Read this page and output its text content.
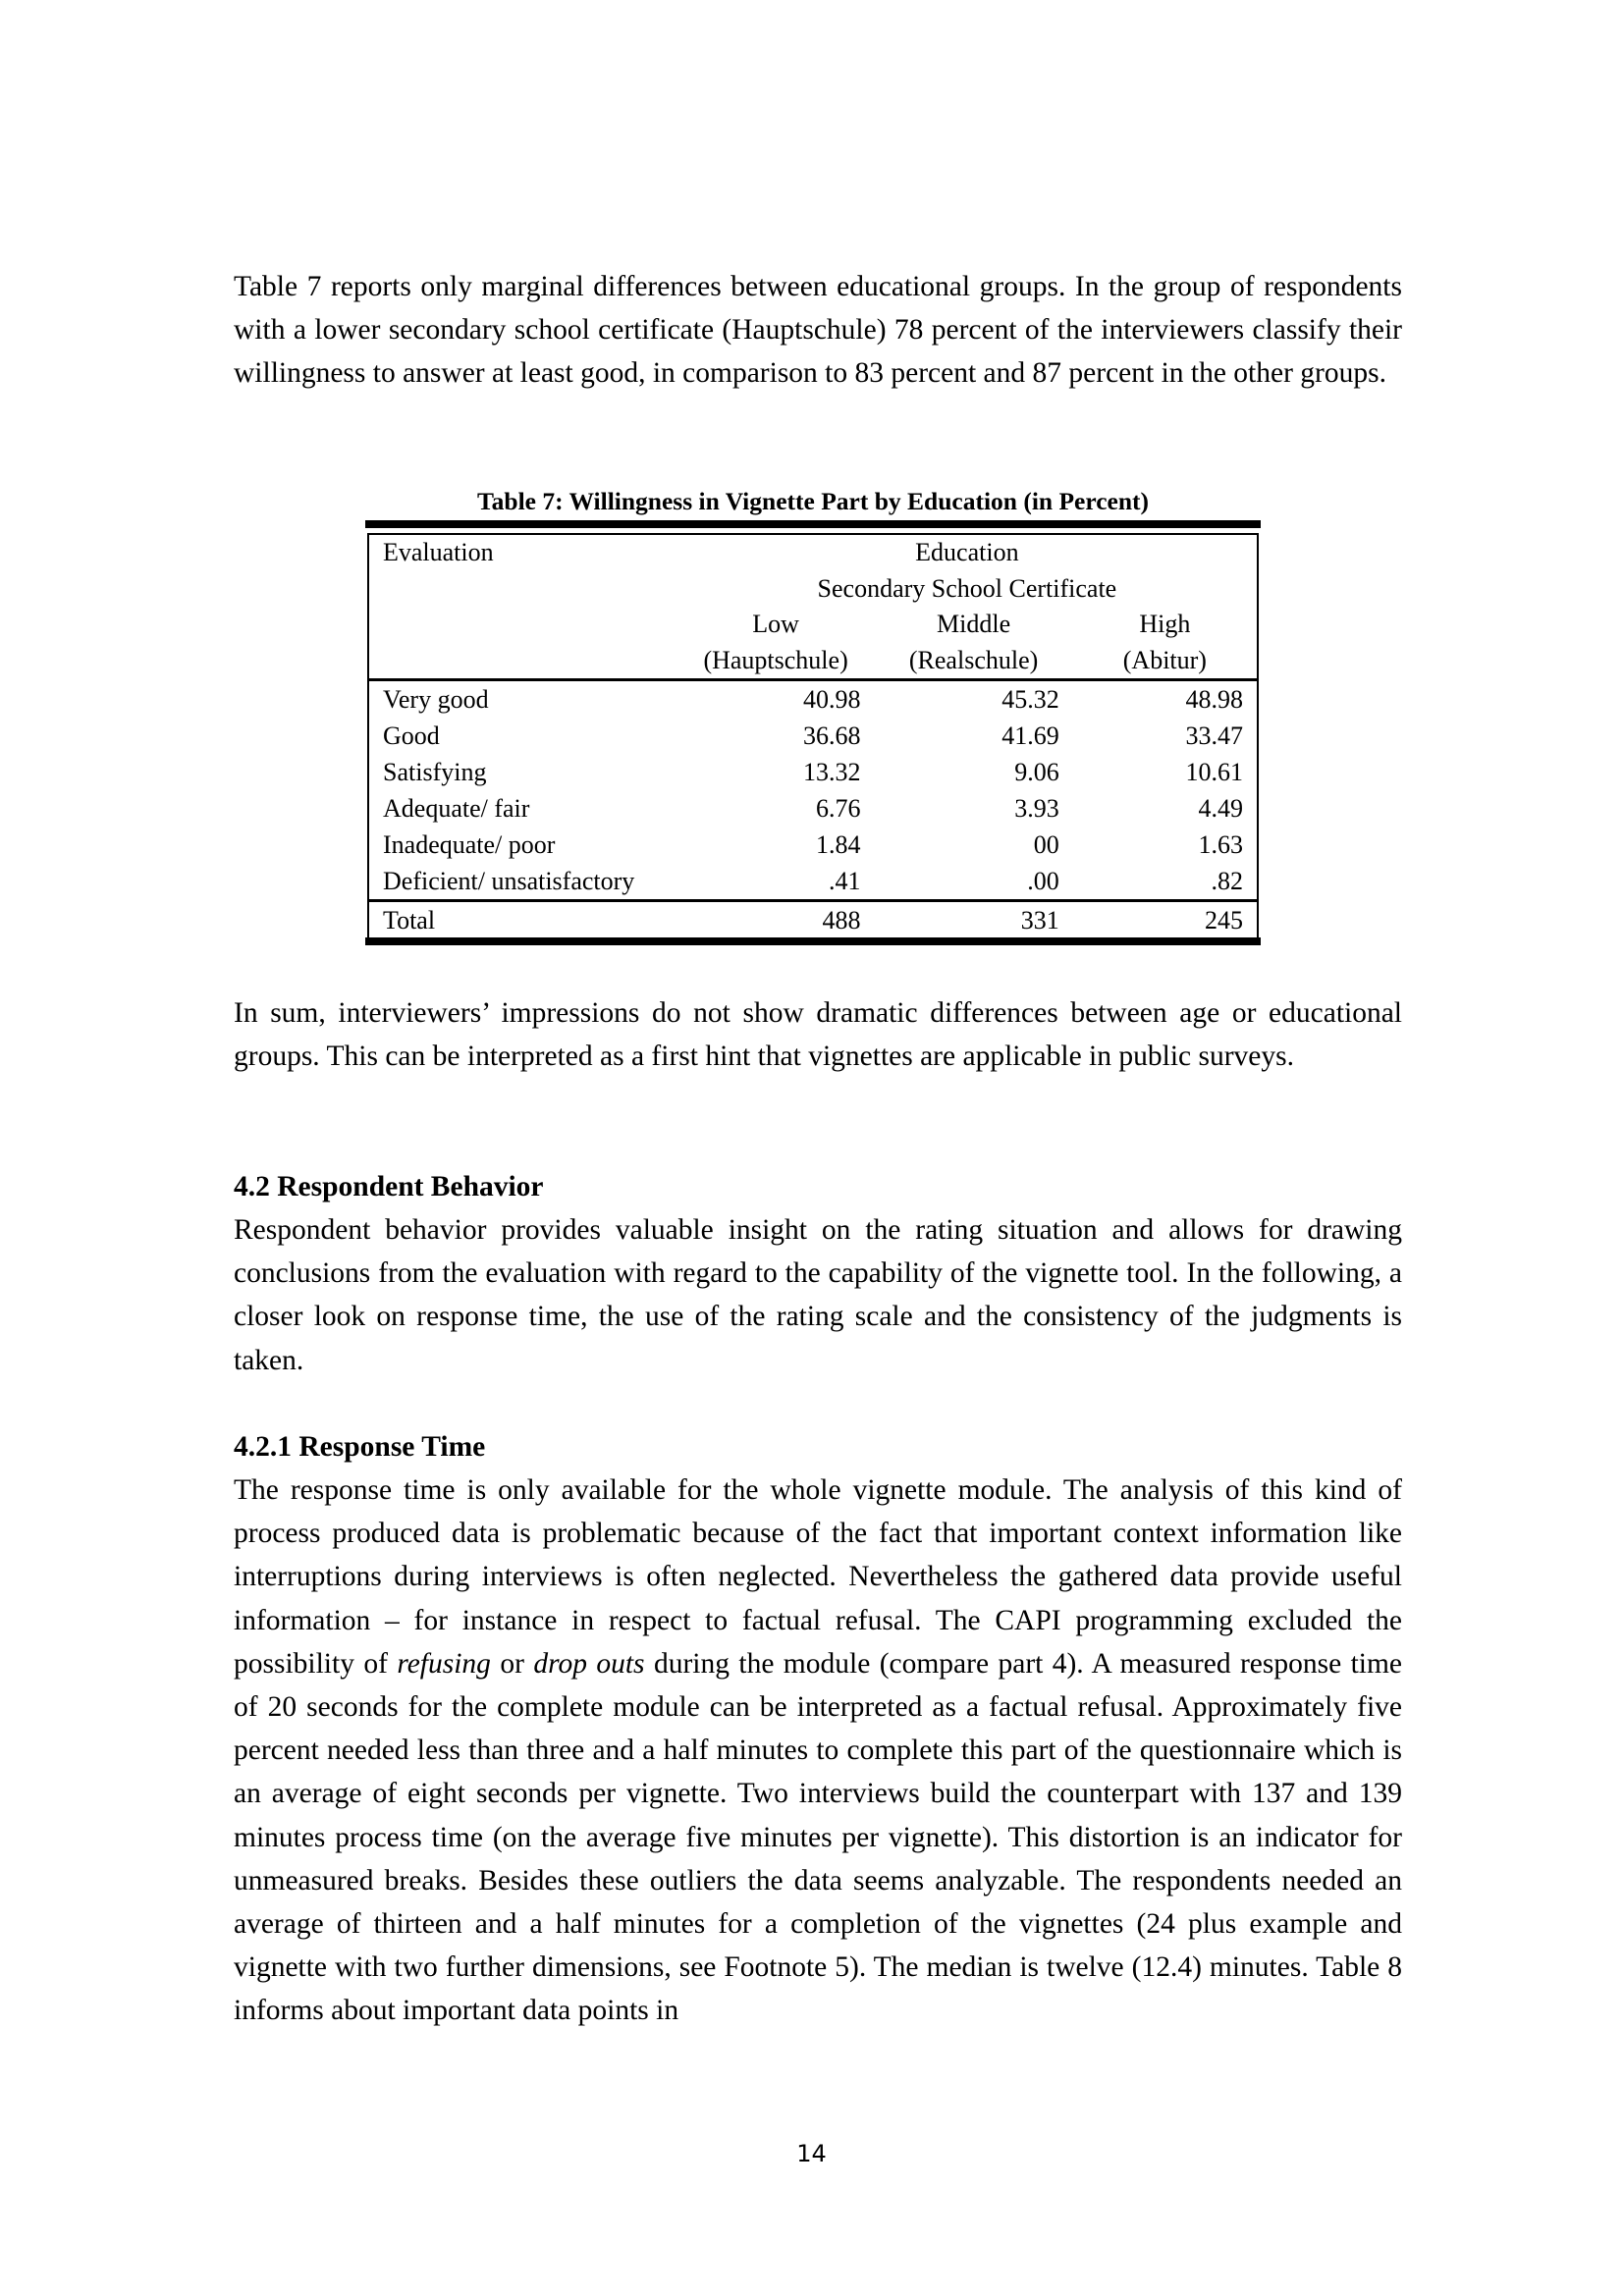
Table 7 reports only marginal differences between educational groups. In the group of respondents with a lower secondary school certificate (Hauptschule) 78 percent of the interviewers classify their willingness to answer at least good, in comparison to 83 percent and 87 percent in the other groups.

Table 7: Willingness in Vignette Part by Education (in Percent)
Evaluation	Education		
	Secondary School Certificate		
	Low	Middle	High
	(Hauptschule)	(Realschule)	(Abitur)
Very good	40.98	45.32	48.98
Good	36.68	41.69	33.47
Satisfying	13.32	9.06	10.61
Adequate/ fair	6.76	3.93	4.49
Inadequate/ poor	1.84	00	1.63
Deficient/ unsatisfactory	.41	.00	.82
Total	488	331	245

In sum, interviewers’ impressions do not show dramatic differences between age or educational groups. This can be interpreted as a first hint that vignettes are applicable in public surveys.

4.2 Respondent Behavior

Respondent behavior provides valuable insight on the rating situation and allows for drawing conclusions from the evaluation with regard to the capability of the vignette tool. In the following, a closer look on response time, the use of the rating scale and the consistency of the judgments is taken.

4.2.1 Response Time

The response time is only available for the whole vignette module. The analysis of this kind of process produced data is problematic because of the fact that important context information like interruptions during interviews is often neglected. Nevertheless the gathered data provide useful information – for instance in respect to factual refusal. The CAPI programming excluded the possibility of refusing or drop outs during the module (compare part 4). A measured response time of 20 seconds for the complete module can be interpreted as a factual refusal. Approximately five percent needed less than three and a half minutes to complete this part of the questionnaire which is an average of eight seconds per vignette. Two interviews build the counterpart with 137 and 139 minutes process time (on the average five minutes per vignette). This distortion is an indicator for unmeasured breaks. Besides these outliers the data seems analyzable. The respondents needed an average of thirteen and a half minutes for a completion of the vignettes (24 plus example and vignette with two further dimensions, see Footnote 5). The median is twelve (12.4) minutes. Table 8 informs about important data points in

14
